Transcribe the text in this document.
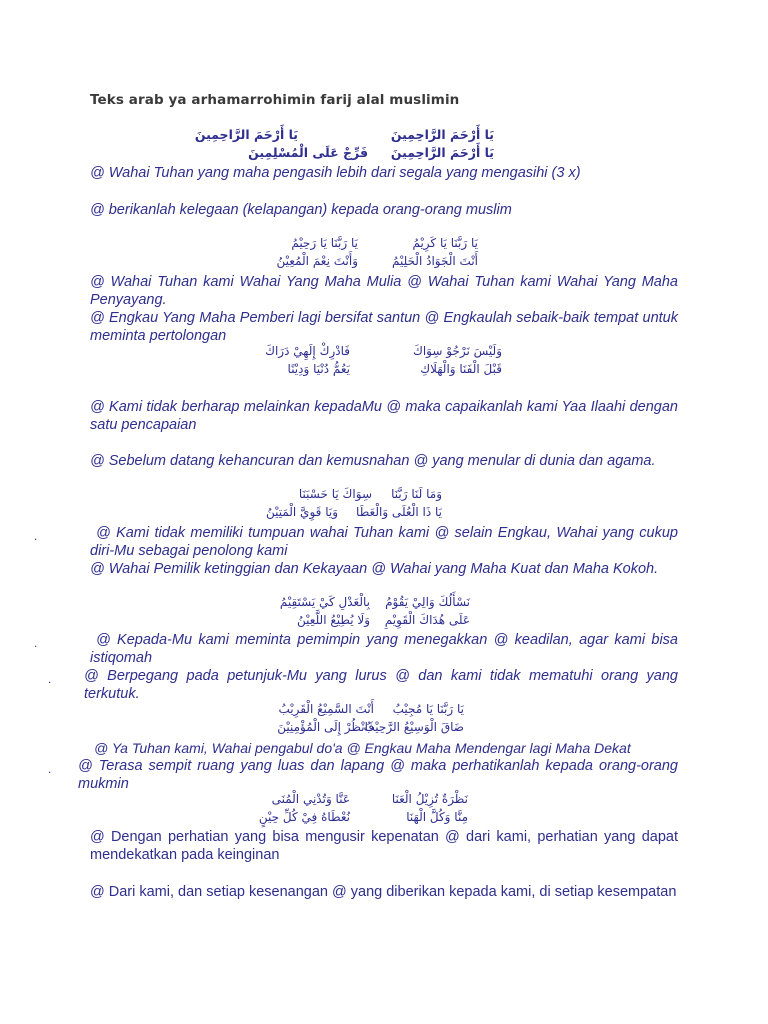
Teks arab ya arhamarrohimin farij alal muslimin
يَا أَرْحَمَ الرَّاحِمِينَ
يَا أَرْحَمَ الرَّاحِمِينَ
يَا أَرْحَمَ الرَّاحِمِينَ
فَرِّجْ عَلَى الْمُسْلِمِينَ
@ Wahai Tuhan yang maha pengasih lebih dari segala yang mengasihi (3 x)
@ berikanlah kelegaan (kelapangan) kepada orang-orang muslim
يَا رَبَّنَا يَا كَرِيْمُ
يَا رَبَّنَا يَا رَحِيْمُ
أَنْتَ الْجَوَادُ الْحَلِيْمُ
وَأَنْتَ نِعْمَ الْمُعِيْنُ
@ Wahai Tuhan kami Wahai Yang Maha Mulia @ Wahai Tuhan kami Wahai Yang Maha Penyayang.
@ Engkau Yang Maha Pemberi lagi bersifat santun @ Engkaulah sebaik-baik tempat untuk meminta pertolongan
وَلَيْسَ نَرْجُوْ سِوَاكَ
فَادْرِكْ إِلَهِيْ دَرَاكَ
قَبْلَ الْفَنَا وَالْهَلَاكِ
يَعُمُّ دُنْيَا وَدِيْنًا
@ Kami tidak berharap melainkan kepadaMu @ maka capaikanlah kami Yaa Ilaahi dengan satu pencapaian
@ Sebelum datang kehancuran dan kemusnahan @ yang menular di dunia dan agama.
وَمَا لَنَا رَبَّنَا
سِوَاكَ يَا حَسْبَنَا
يَا ذَا الْعُلَى وَالْعَطَا
وَيَا قَوِيَّ الْمَتِيْنُ
.	@ Kami tidak memiliki tumpuan wahai Tuhan kami @ selain Engkau, Wahai yang cukup diri-Mu sebagai penolong kami
@ Wahai Pemilik ketinggian dan Kekayaan @ Wahai yang Maha Kuat dan Maha Kokoh.
نَسْأَلُكَ وَالِيْ يَقُوْمُ
بِالْعَدْلِ كَيْ يَسْتَقِيْمُ
عَلَى هُدَاكَ الْقَوِيْمِ
وَلَا يُطِيْعُ اللَّعِيْنُ
.	@ Kepada-Mu kami meminta pemimpin yang menegakkan @ keadilan, agar kami bisa istiqomah
. @ Berpegang pada petunjuk-Mu yang lurus @ dan kami tidak mematuhi orang yang terkutuk.
يَا رَبَّنَا يَا مُجِيْبُ
أَنْتَ السَّمِيْعُ الْقَرِيْبُ
ضَاقَ الْوَسِيْعُ الرَّحِيْبُ
فَانْظُرْ إِلَى الْمُؤْمِنِيْنَ
@ Ya Tuhan kami, Wahai pengabul do'a @ Engkau Maha Mendengar lagi Maha Dekat
. @ Terasa sempit ruang yang luas dan lapang @ maka perhatikanlah kepada orang-orang mukmin
نَظْرَةٌ تُزِيْلُ الْعَنَا
عَنَّا وَتُدْنِي الْمُنَى
مِنَّا وَكُلَّ الْهَنَا
نُعْطَاهُ فِيْ كُلِّ حِيْنٍ
@ Dengan perhatian yang bisa mengusir kepenatan @ dari kami, perhatian yang dapat mendekatkan pada keinginan
@ Dari kami, dan setiap kesenangan @ yang diberikan kepada kami, di setiap kesempatan
